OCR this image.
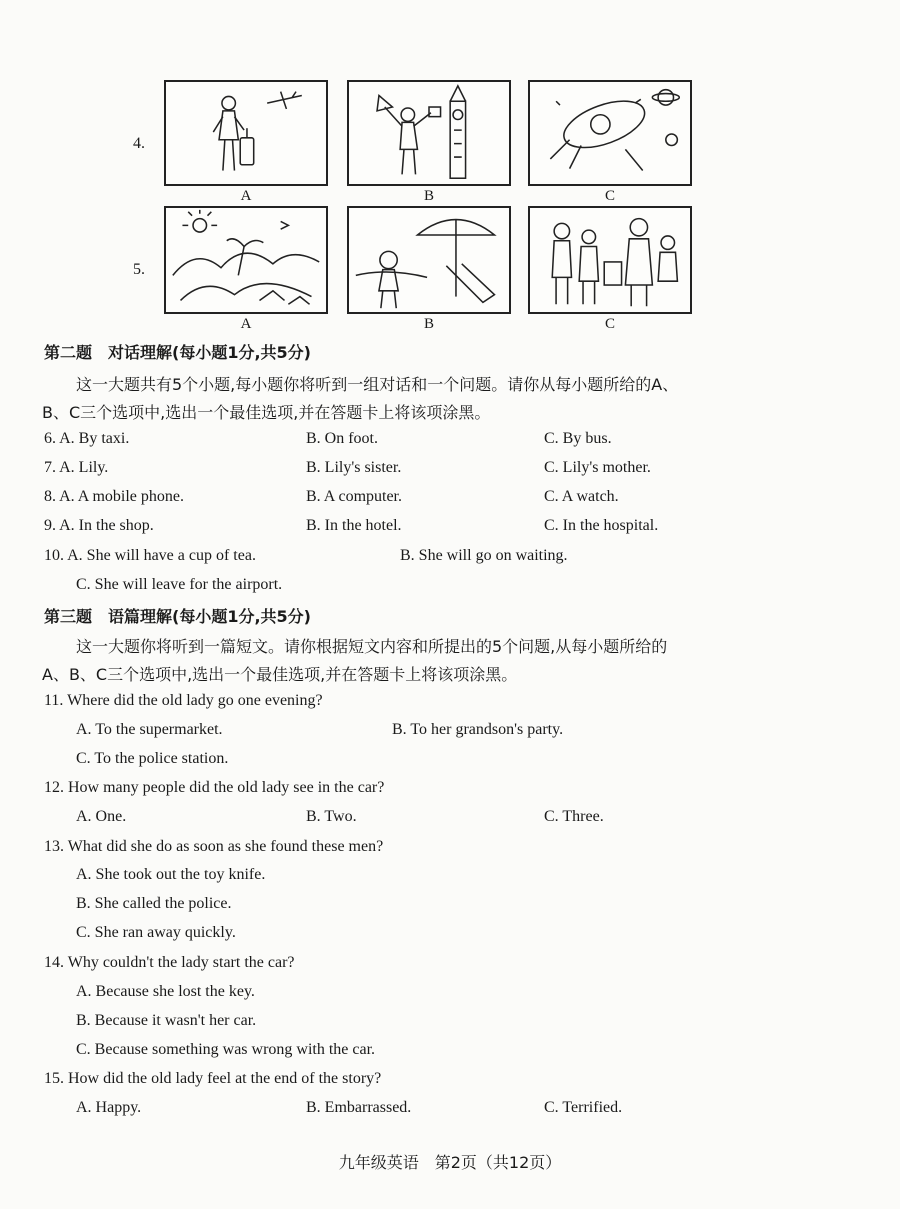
4.
A	B	C
5.
A	B	C
第二题　对话理解(每小题1分,共5分)
这一大题共有5个小题,每小题你将听到一组对话和一个问题。请你从每小题所给的A、
B、C三个选项中,选出一个最佳选项,并在答题卡上将该项涂黑。
6. A. By taxi.	B. On foot.	C. By bus.
7. A. Lily.	B. Lily's sister.	C. Lily's mother.
8. A. A mobile phone.	B. A computer.	C. A watch.
9. A. In the shop.	B. In the hotel.	C. In the hospital.
10. A. She will have a cup of tea.	B. She will go on waiting.
C. She will leave for the airport.
第三题　语篇理解(每小题1分,共5分)
这一大题你将听到一篇短文。请你根据短文内容和所提出的5个问题,从每小题所给的
A、B、C三个选项中,选出一个最佳选项,并在答题卡上将该项涂黑。
11. Where did the old lady go one evening?
A. To the supermarket.	B. To her grandson's party.
C. To the police station.
12. How many people did the old lady see in the car?
A. One.	B. Two.	C. Three.
13. What did she do as soon as she found these men?
A. She took out the toy knife.
B. She called the police.
C. She ran away quickly.
14. Why couldn't the lady start the car?
A. Because she lost the key.
B. Because it wasn't her car.
C. Because something was wrong with the car.
15. How did the old lady feel at the end of the story?
A. Happy.	B. Embarrassed.	C. Terrified.
九年级英语　第2页（共12页）
